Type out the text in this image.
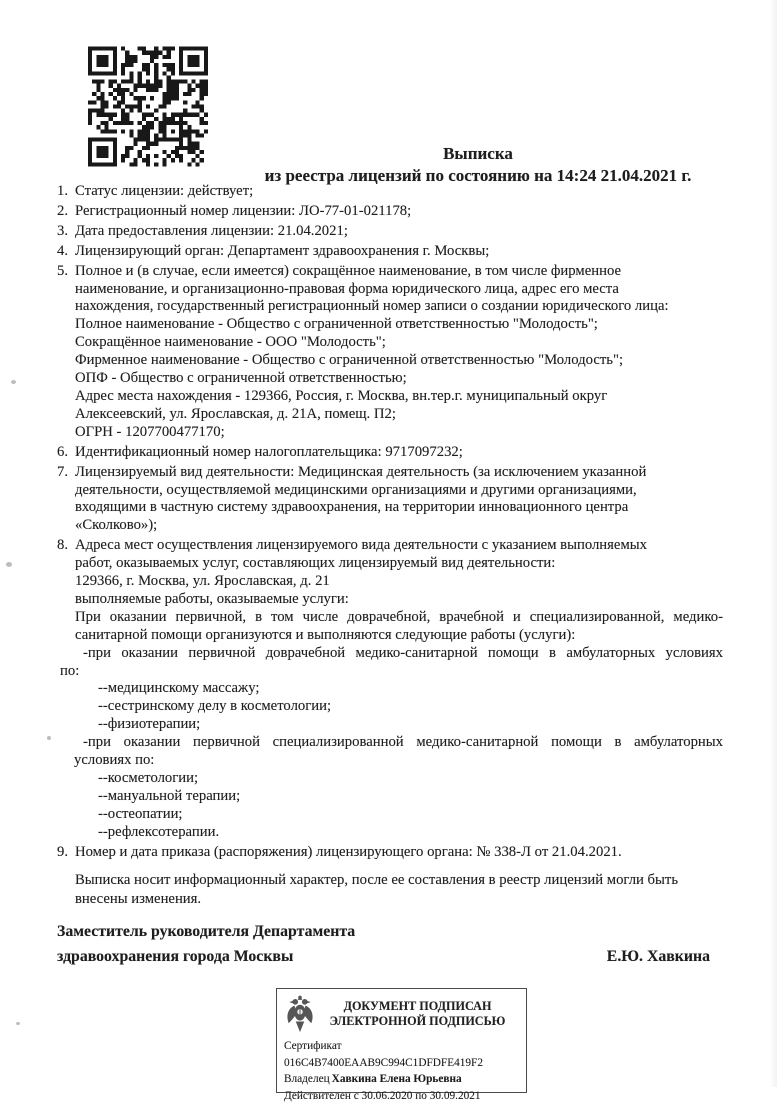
Выписка
из реестра лицензий по состоянию на 14:24 21.04.2021 г.
1. Статус лицензии: действует;
2. Регистрационный номер лицензии: ЛО-77-01-021178;
3. Дата предоставления лицензии: 21.04.2021;
4. Лицензирующий орган: Департамент здравоохранения г. Москвы;
5. Полное и (в случае, если имеется) сокращённое наименование, в том числе фирменное
наименование, и организационно-правовая форма юридического лица, адрес его места
нахождения, государственный регистрационный номер записи о создании юридического лица:
Полное наименование - Общество с ограниченной ответственностью "Молодость";
Сокращённое наименование - ООО "Молодость";
Фирменное наименование - Общество с ограниченной ответственностью "Молодость";
ОПФ - Общество с ограниченной ответственностью;
Адрес места нахождения - 129366, Россия, г. Москва, вн.тер.г. муниципальный округ
Алексеевский, ул. Ярославская, д. 21А, помещ. П2;
ОГРН - 1207700477170;
6. Идентификационный номер налогоплательщика: 9717097232;
7. Лицензируемый вид деятельности: Медицинская деятельность (за исключением указанной
деятельности, осуществляемой медицинскими организациями и другими организациями,
входящими в частную систему здравоохранения, на территории инновационного центра
«Сколково»);
8. Адреса мест осуществления лицензируемого вида деятельности с указанием выполняемых
работ, оказываемых услуг, составляющих лицензируемый вид деятельности:
129366, г. Москва, ул. Ярославская, д. 21
выполняемые работы, оказываемые услуги:
При оказании первичной, в том числе доврачебной, врачебной и специализированной, медико-
санитарной помощи организуются и выполняются следующие работы (услуги):
-при оказании первичной доврачебной медико-санитарной помощи в амбулаторных условиях
по:
--медицинскому массажу;
--сестринскому делу в косметологии;
--физиотерапии;
-при оказании первичной специализированной медико-санитарной помощи в амбулаторных
условиях по:
--косметологии;
--мануальной терапии;
--остеопатии;
--рефлексотерапии.
9. Номер и дата приказа (распоряжения) лицензирующего органа: № 338-Л от 21.04.2021.
Выписка носит информационный характер, после ее составления в реестр лицензий могли быть
внесены изменения.
Заместитель руководителя Департамента
здравоохранения города Москвы	Е.Ю. Хавкина
ДОКУМЕНТ ПОДПИСАН
ЭЛЕКТРОННОЙ ПОДПИСЬЮ
Сертификат 016C4B7400EAAB9C994C1DFDFE419F2
Владелец Хавкина Елена Юрьевна
Действителен с 30.06.2020 по 30.09.2021
